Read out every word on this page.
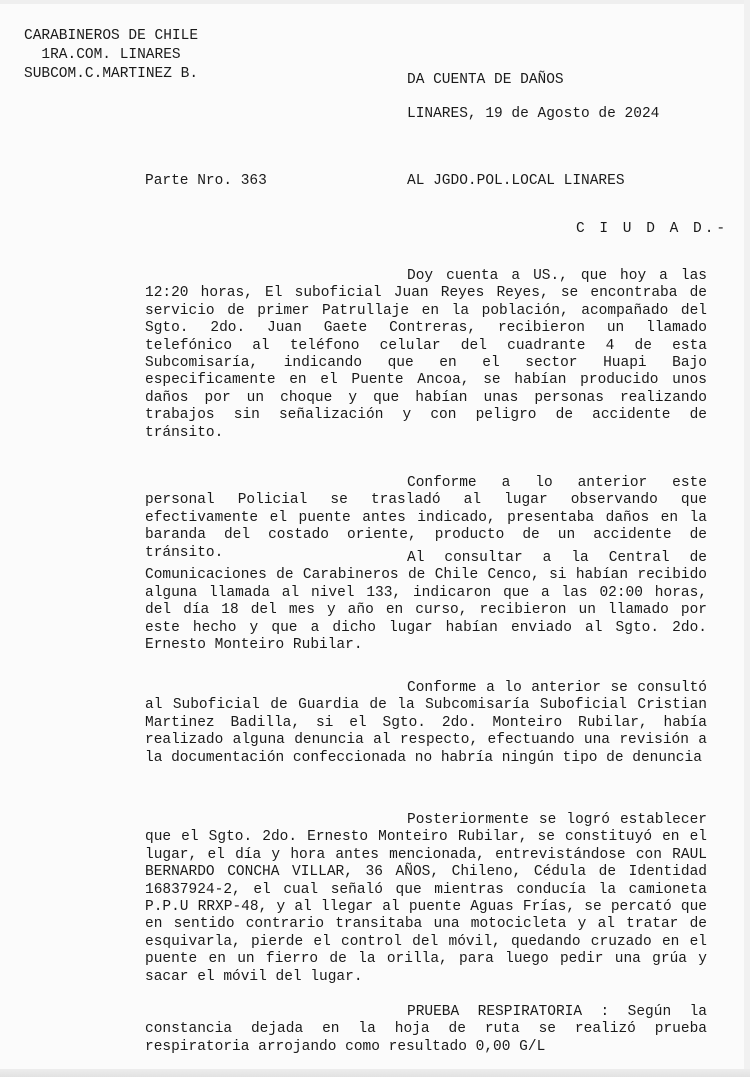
CARABINEROS DE CHILE
1RA.COM. LINARES
SUBCOM.C.MARTINEZ B.	DA CUENTA DE DAÑOS
LINARES, 19 de Agosto de 2024
Parte Nro. 363	AL JGDO.POL.LOCAL LINARES
C I U D A D.-

Doy cuenta a US., que hoy a las 12:20 horas, El suboficial Juan Reyes Reyes, se encontraba de servicio de primer Patrullaje en la población, acompañado del Sgto. 2do. Juan Gaete Contreras, recibieron un llamado telefónico al teléfono celular del cuadrante 4 de esta Subcomisaría, indicando que en el sector Huapi Bajo especificamente en el Puente Ancoa, se habían producido unos daños por un choque y que habían unas personas realizando trabajos sin señalización y con peligro de accidente de tránsito.

Conforme a lo anterior este personal Policial se trasladó al lugar observando que efectivamente el puente antes indicado, presentaba daños en la baranda del costado oriente, producto de un accidente de tránsito.	Al consultar a la Central de Comunicaciones de Carabineros de Chile Cenco, si habían recibido alguna llamada al nivel 133, indicaron que a las 02:00 horas, del día 18 del mes y año en curso, recibieron un llamado por este hecho y que a dicho lugar habían enviado al Sgto. 2do. Ernesto Monteiro Rubilar.

Conforme a lo anterior se consultó al Suboficial de Guardia de la Subcomisaría Suboficial Cristian Martinez Badilla, si el Sgto. 2do. Monteiro Rubilar, había realizado alguna denuncia al respecto, efectuando una revisión a la documentación confeccionada no habría ningún tipo de denuncia

Posteriormente se logró establecer que el Sgto. 2do. Ernesto Monteiro Rubilar, se constituyó en el lugar, el día y hora antes mencionada, entrevistándose con RAUL BERNARDO CONCHA VILLAR, 36 AÑOS, Chileno, Cédula de Identidad 16837924-2, el cual señaló que mientras conducía la camioneta P.P.U RRXP-48, y al llegar al puente Aguas Frías, se percató que en sentido contrario transitaba una motocicleta y al tratar de esquivarla, pierde el control del móvil, quedando cruzado en el puente en un fierro de la orilla, para luego pedir una grúa y sacar el móvil del lugar.

PRUEBA RESPIRATORIA : Según la constancia dejada en la hoja de ruta se realizó prueba respiratoria arrojando como resultado 0,00 G/L
